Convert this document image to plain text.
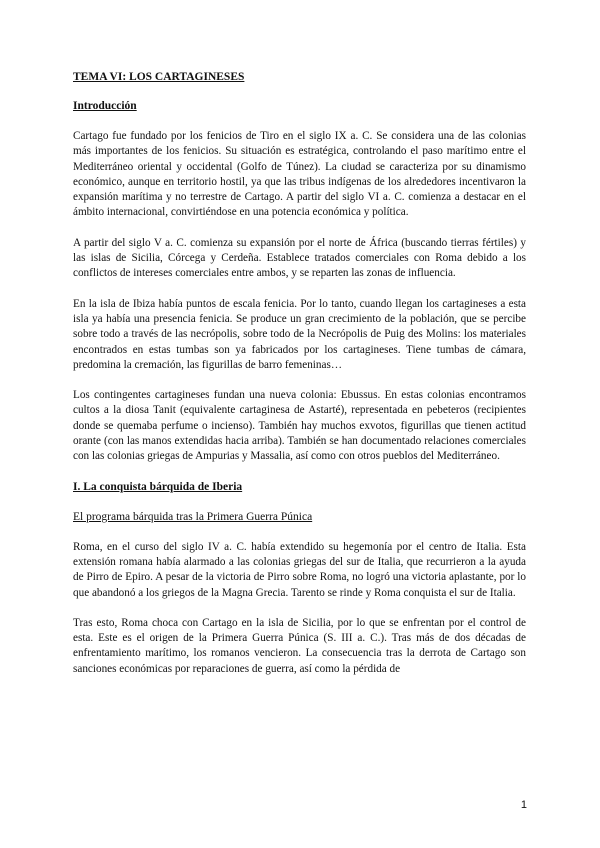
TEMA VI: LOS CARTAGINESES
Introducción

Cartago fue fundado por los fenicios de Tiro en el siglo IX a. C. Se considera una de las colonias más importantes de los fenicios. Su situación es estratégica, controlando el paso marítimo entre el Mediterráneo oriental y occidental (Golfo de Túnez). La ciudad se caracteriza por su dinamismo económico, aunque en territorio hostil, ya que las tribus indígenas de los alrededores incentivaron la expansión marítima y no terrestre de Cartago. A partir del siglo VI a. C. comienza a destacar en el ámbito internacional, convirtiéndose en una potencia económica y política.

A partir del siglo V a. C. comienza su expansión por el norte de África (buscando tierras fértiles) y las islas de Sicilia, Córcega y Cerdeña. Establece tratados comerciales con Roma debido a los conflictos de intereses comerciales entre ambos, y se reparten las zonas de influencia.

En la isla de Ibiza había puntos de escala fenicia. Por lo tanto, cuando llegan los cartagineses a esta isla ya había una presencia fenicia. Se produce un gran crecimiento de la población, que se percibe sobre todo a través de las necrópolis, sobre todo de la Necrópolis de Puig des Molins: los materiales encontrados en estas tumbas son ya fabricados por los cartagineses. Tiene tumbas de cámara, predomina la cremación, las figurillas de barro femeninas…

Los contingentes cartagineses fundan una nueva colonia: Ebussus. En estas colonias encontramos cultos a la diosa Tanit (equivalente cartaginesa de Astarté), representada en pebeteros (recipientes donde se quemaba perfume o incienso). También hay muchos exvotos, figurillas que tienen actitud orante (con las manos extendidas hacia arriba). También se han documentado relaciones comerciales con las colonias griegas de Ampurias y Massalia, así como con otros pueblos del Mediterráneo.

I. La conquista bárquida de Iberia
El programa bárquida tras la Primera Guerra Púnica

Roma, en el curso del siglo IV a. C. había extendido su hegemonía por el centro de Italia. Esta extensión romana había alarmado a las colonias griegas del sur de Italia, que recurrieron a la ayuda de Pirro de Epiro. A pesar de la victoria de Pirro sobre Roma, no logró una victoria aplastante, por lo que abandonó a los griegos de la Magna Grecia. Tarento se rinde y Roma conquista el sur de Italia.

Tras esto, Roma choca con Cartago en la isla de Sicilia, por lo que se enfrentan por el control de esta. Este es el origen de la Primera Guerra Púnica (S. III a. C.). Tras más de dos décadas de enfrentamiento marítimo, los romanos vencieron. La consecuencia tras la derrota de Cartago son sanciones económicas por reparaciones de guerra, así como la pérdida de

1
